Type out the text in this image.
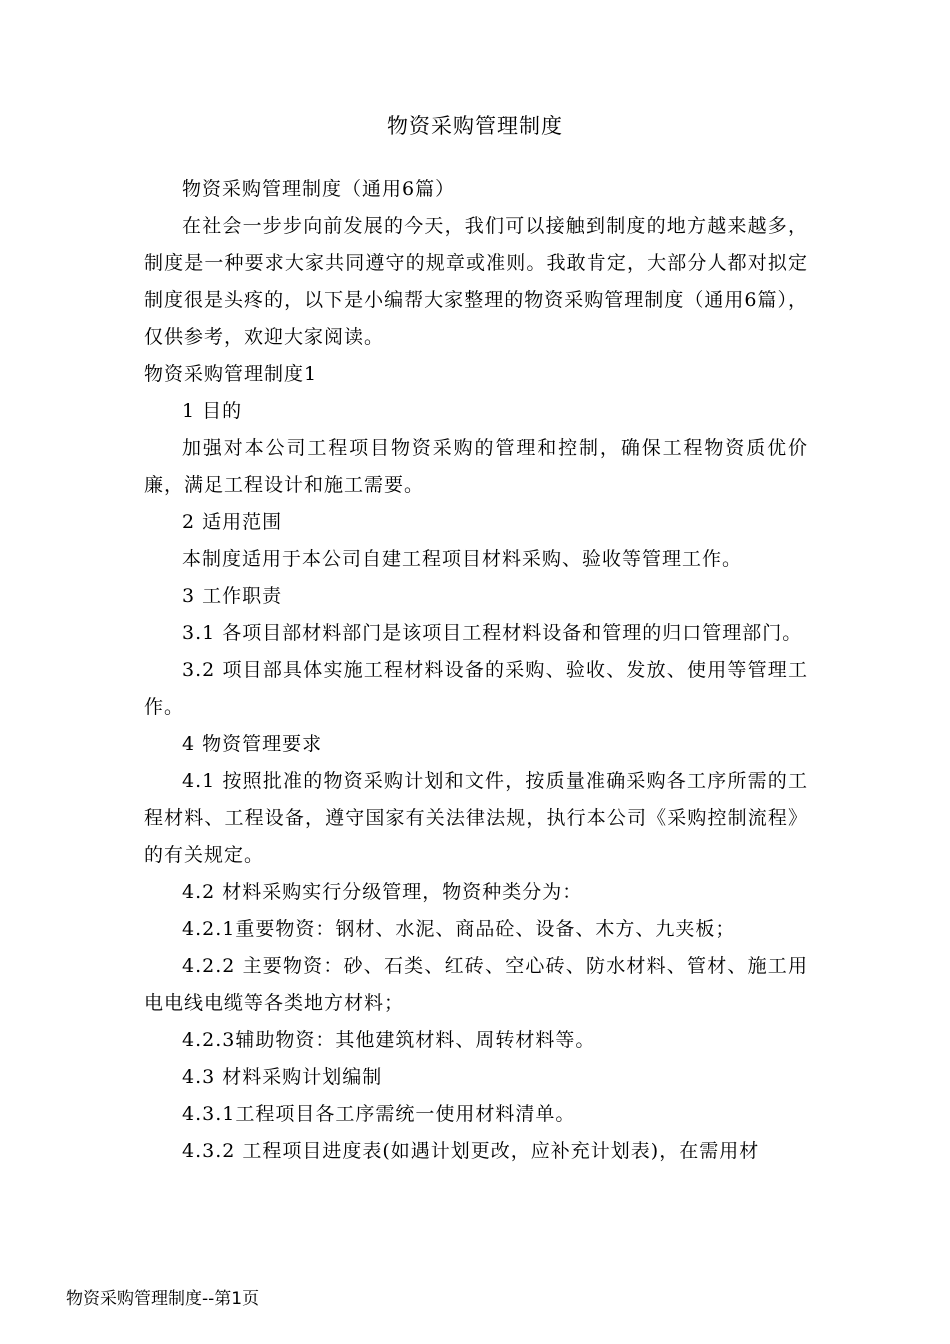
物资采购管理制度

物资采购管理制度（通用6篇）

在社会一步步向前发展的今天，我们可以接触到制度的地方越来越多，制度是一种要求大家共同遵守的规章或准则。我敢肯定，大部分人都对拟定制度很是头疼的，以下是小编帮大家整理的物资采购管理制度（通用6篇），仅供参考，欢迎大家阅读。

物资采购管理制度1

1 目的

加强对本公司工程项目物资采购的管理和控制，确保工程物资质优价廉，满足工程设计和施工需要。

2 适用范围

本制度适用于本公司自建工程项目材料采购、验收等管理工作。

3 工作职责

3.1 各项目部材料部门是该项目工程材料设备和管理的归口管理部门。

3.2 项目部具体实施工程材料设备的采购、验收、发放、使用等管理工作。

4 物资管理要求

4.1 按照批准的物资采购计划和文件，按质量准确采购各工序所需的工程材料、工程设备，遵守国家有关法律法规，执行本公司《采购控制流程》的有关规定。

4.2 材料采购实行分级管理，物资种类分为：

4.2.1重要物资：钢材、水泥、商品砼、设备、木方、九夹板；

4.2.2 主要物资：砂、石类、红砖、空心砖、防水材料、管材、施工用电电线电缆等各类地方材料；

4.2.3辅助物资：其他建筑材料、周转材料等。

4.3 材料采购计划编制

4.3.1工程项目各工序需统一使用材料清单。

4.3.2 工程项目进度表(如遇计划更改，应补充计划表)，在需用材

物资采购管理制度--第1页
